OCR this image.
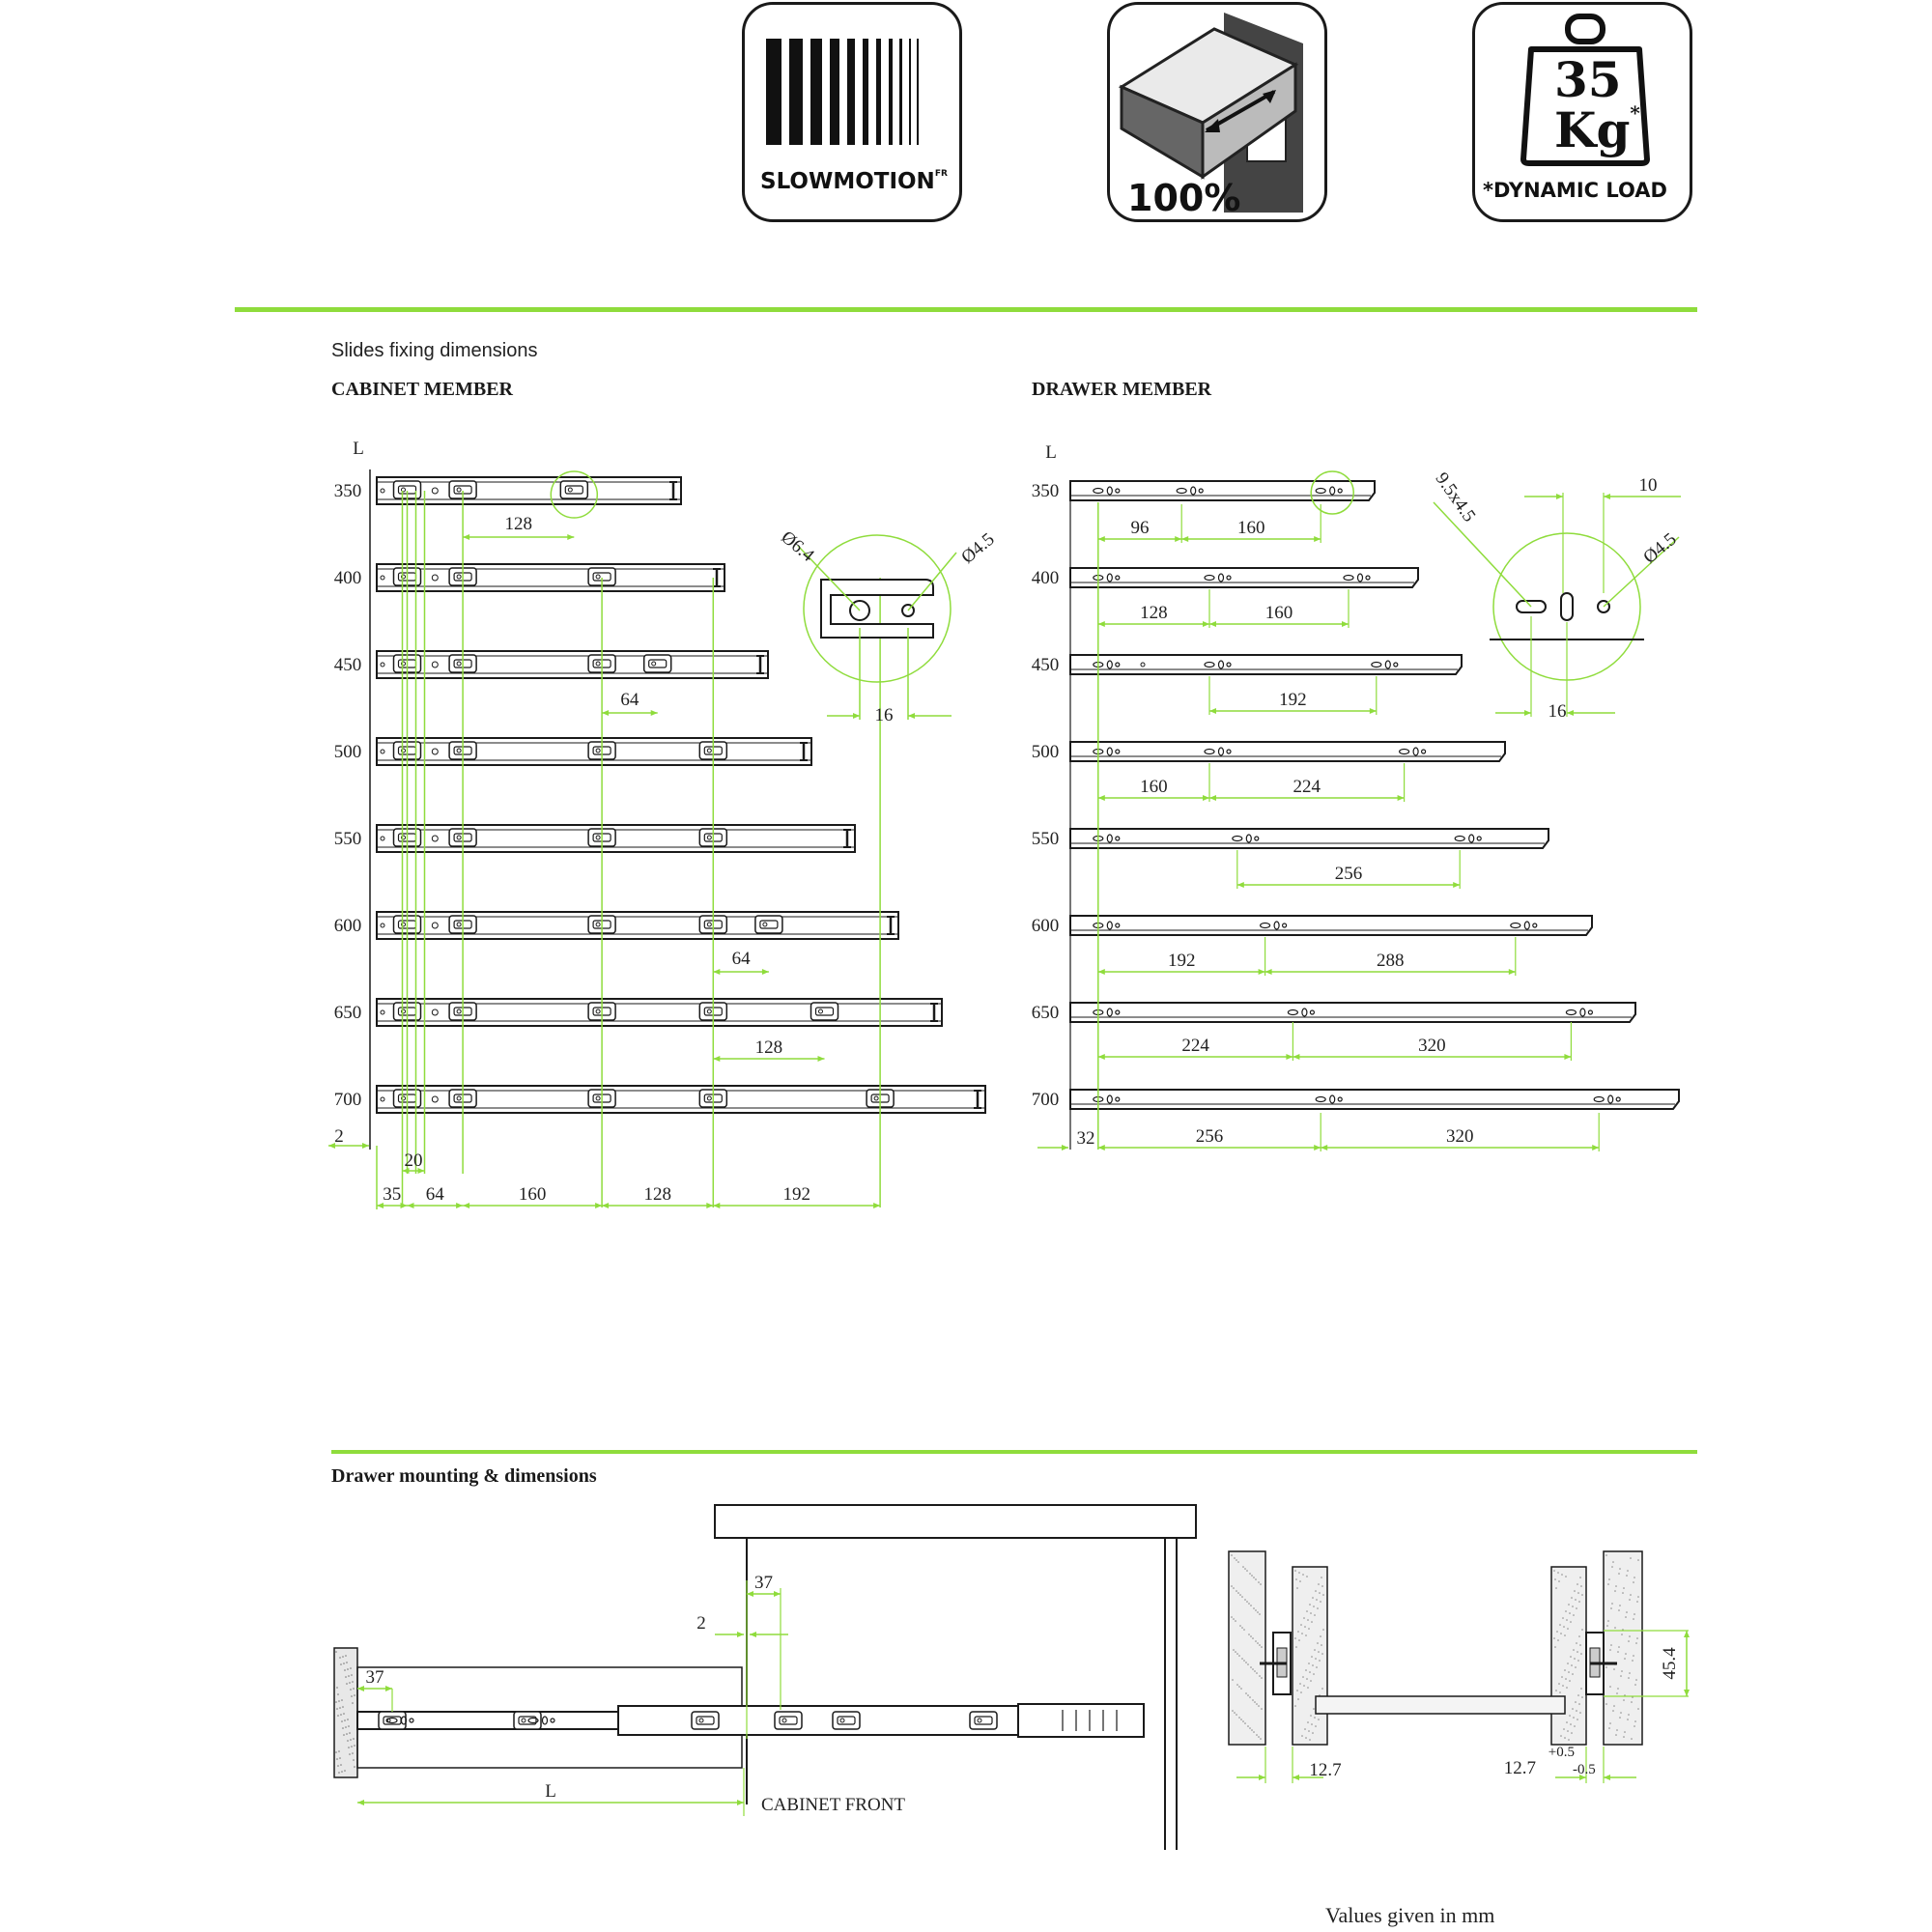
$SLOWMOTION^{FR}$
100%
35
Kg*
*DYNAMIC LOAD
Slides fixing dimensions
CABINET MEMBER	DRAWER MEMBER
Drawer mounting & dimensions
Values given in mm
L
350
400
450
500
550
600
650
700
128
64
64
128
2
20
35 64	160	128	192
Ø6.4	Ø4.5
16
L
350
400
450
500
550
600
650
700
96	160
128	160
192
160	224
256
192	288
224	320
256	320
32
9.5x4.5
Ø4.5
10
16
37
2
37
L
CABINET FRONT
12.7	12.7
+0.5
-0.5
45.4
